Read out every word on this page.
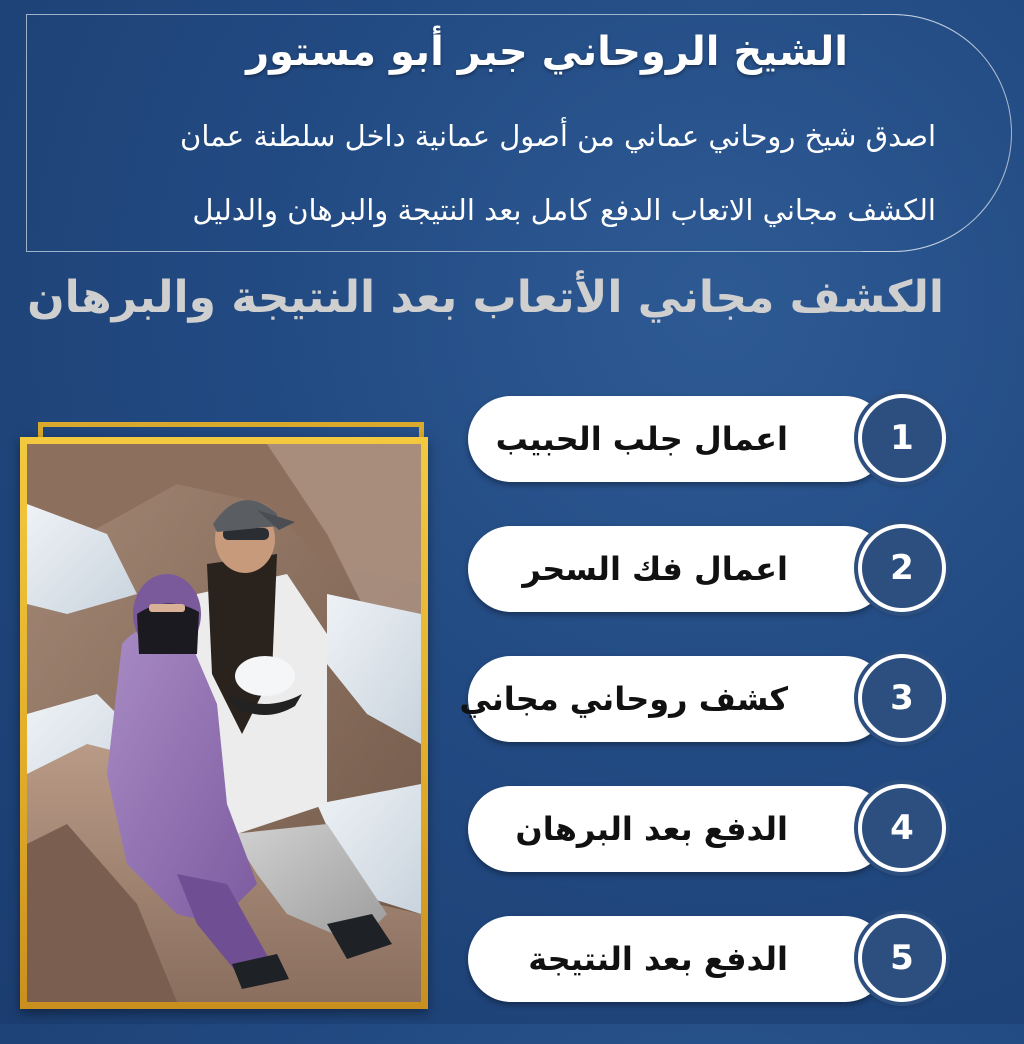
الشيخ الروحاني جبر أبو مستور

اصدق شيخ روحاني عماني من أصول عمانية داخل سلطنة عمان

الكشف مجاني الاتعاب الدفع كامل بعد النتيجة والبرهان والدليل

الكشف مجاني الأتعاب بعد النتيجة والبرهان
اعمال جلب الحبيب	1
اعمال فك السحر	2
كشف روحاني مجاني	3
الدفع بعد البرهان	4
الدفع بعد النتيجة	5
